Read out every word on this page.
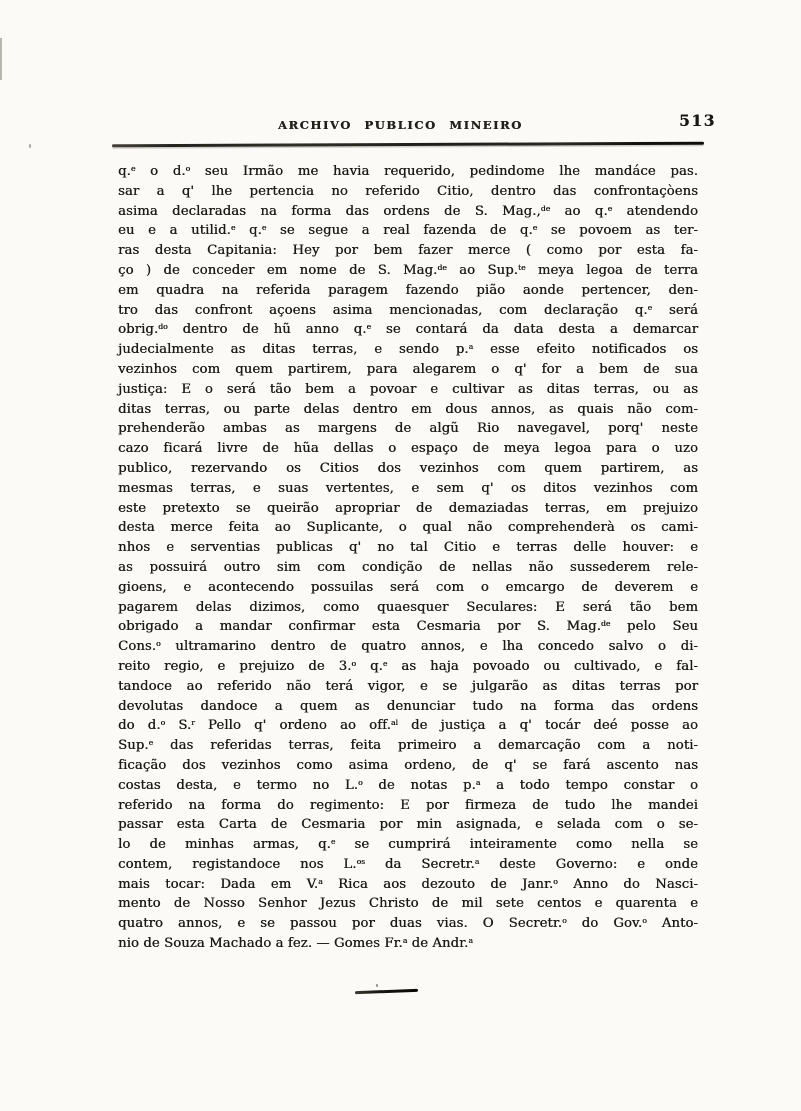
ARCHIVO PUBLICO MINEIRO	513
q.$^e$ o d.$^o$ seu Irmão me havia requerido, pedindome lhe mandáce pas.
sar a q' lhe pertencia no referido Citio, dentro das confrontaçòens
asima declaradas na forma das ordens de S. Mag.,$^{de}$ ao q.$^e$ atendendo
eu e a utilid.$^e$ q.$^e$ se segue a real fazenda de q.$^e$ se povoem as ter-
ras desta Capitania: Hey por bem fazer merce ( como por esta fa-
ço ) de conceder em nome de S. Mag.$^{de}$ ao Sup.$^{te}$ meya legoa de terra
em quadra na referida paragem fazendo pião aonde pertencer, den-
tro das confront açoens asima mencionadas, com declaração q.$^e$ será
obrig.$^{do}$ dentro de hũ anno q.$^e$ se contará da data desta a demarcar
judecialmente as ditas terras, e sendo p.$^a$ esse efeito notificados os
vezinhos com quem partirem, para alegarem o q' for a bem de sua
justiça: E o será tão bem a povoar e cultivar as ditas terras, ou as
ditas terras, ou parte delas dentro em dous annos, as quais não com-
prehenderão ambas as margens de algũ Rio navegavel, porq' neste
cazo ficará livre de hũa dellas o espaço de meya legoa para o uzo
publico, rezervando os Citios dos vezinhos com quem partirem, as
mesmas terras, e suas vertentes, e sem q' os ditos vezinhos com
este pretexto se queirão apropriar de demaziadas terras, em prejuizo
desta merce feita ao Suplicante, o qual não comprehenderà os cami-
nhos e serventias publicas q' no tal Citio e terras delle houver: e
as possuirá outro sim com condição de nellas não sussederem rele-
gioens, e acontecendo possuilas será com o emcargo de deverem e
pagarem delas dizimos, como quaesquer Seculares: E será tão bem
obrigado a mandar confirmar esta Cesmaria por S. Mag.$^{de}$ pelo Seu
Cons.$^o$ ultramarino dentro de quatro annos, e lha concedo salvo o di-
reito regio, e prejuizo de 3.$^o$ q.$^e$ as haja povoado ou cultivado, e fal-
tandoce ao referido não terá vigor, e se julgarão as ditas terras por
devolutas dandoce a quem as denunciar tudo na forma das ordens
do d.$^o$ S.$^r$ Pello q' ordeno ao off.$^{al}$ de justiça a q' tocár deé posse ao
Sup.$^e$ das referidas terras, feita primeiro a demarcação com a noti-
ficação dos vezinhos como asima ordeno, de q' se fará ascento nas
costas desta, e termo no L.$^o$ de notas p.$^a$ a todo tempo constar o
referido na forma do regimento: E por firmeza de tudo lhe mandei
passar esta Carta de Cesmaria por min asignada, e selada com o se-
lo de minhas armas, q.$^e$ se cumprirá inteiramente como nella se
contem, registandoce nos L.$^{os}$ da Secretr.$^a$ deste Governo: e onde
mais tocar: Dada em V.$^a$ Rica aos dezouto de Janr.$^o$ Anno do Nasci-
mento de Nosso Senhor Jezus Christo de mil sete centos e quarenta e
quatro annos, e se passou por duas vias. O Secretr.$^o$ do Gov.$^o$ Anto-
nio de Souza Machado a fez. — Gomes Fr.$^a$ de Andr.$^a$
